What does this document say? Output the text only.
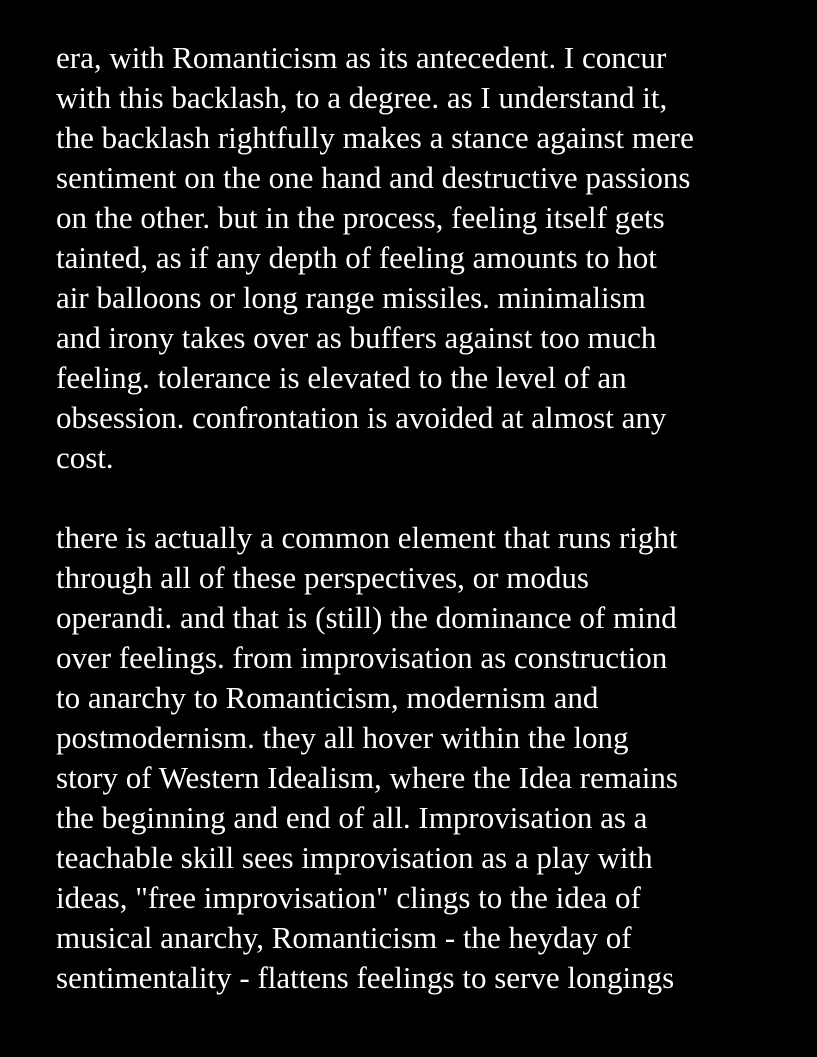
era, with Romanticism as its antecedent. I concur
with this backlash, to a degree. as I understand it,
the backlash rightfully makes a stance against mere
sentiment on the one hand and destructive passions
on the other. but in the process, feeling itself gets
tainted, as if any depth of feeling amounts to hot
air balloons or long range missiles. minimalism
and irony takes over as buffers against too much
feeling. tolerance is elevated to the level of an
obsession. confrontation is avoided at almost any
cost.

there is actually a common element that runs right
through all of these perspectives, or modus
operandi. and that is (still) the dominance of mind
over feelings. from improvisation as construction
to anarchy to Romanticism, modernism and
postmodernism. they all hover within the long
story of Western Idealism, where the Idea remains
the beginning and end of all. Improvisation as a
teachable skill sees improvisation as a play with
ideas, "free improvisation" clings to the idea of
musical anarchy, Romanticism - the heyday of
sentimentality - flattens feelings to serve longings
